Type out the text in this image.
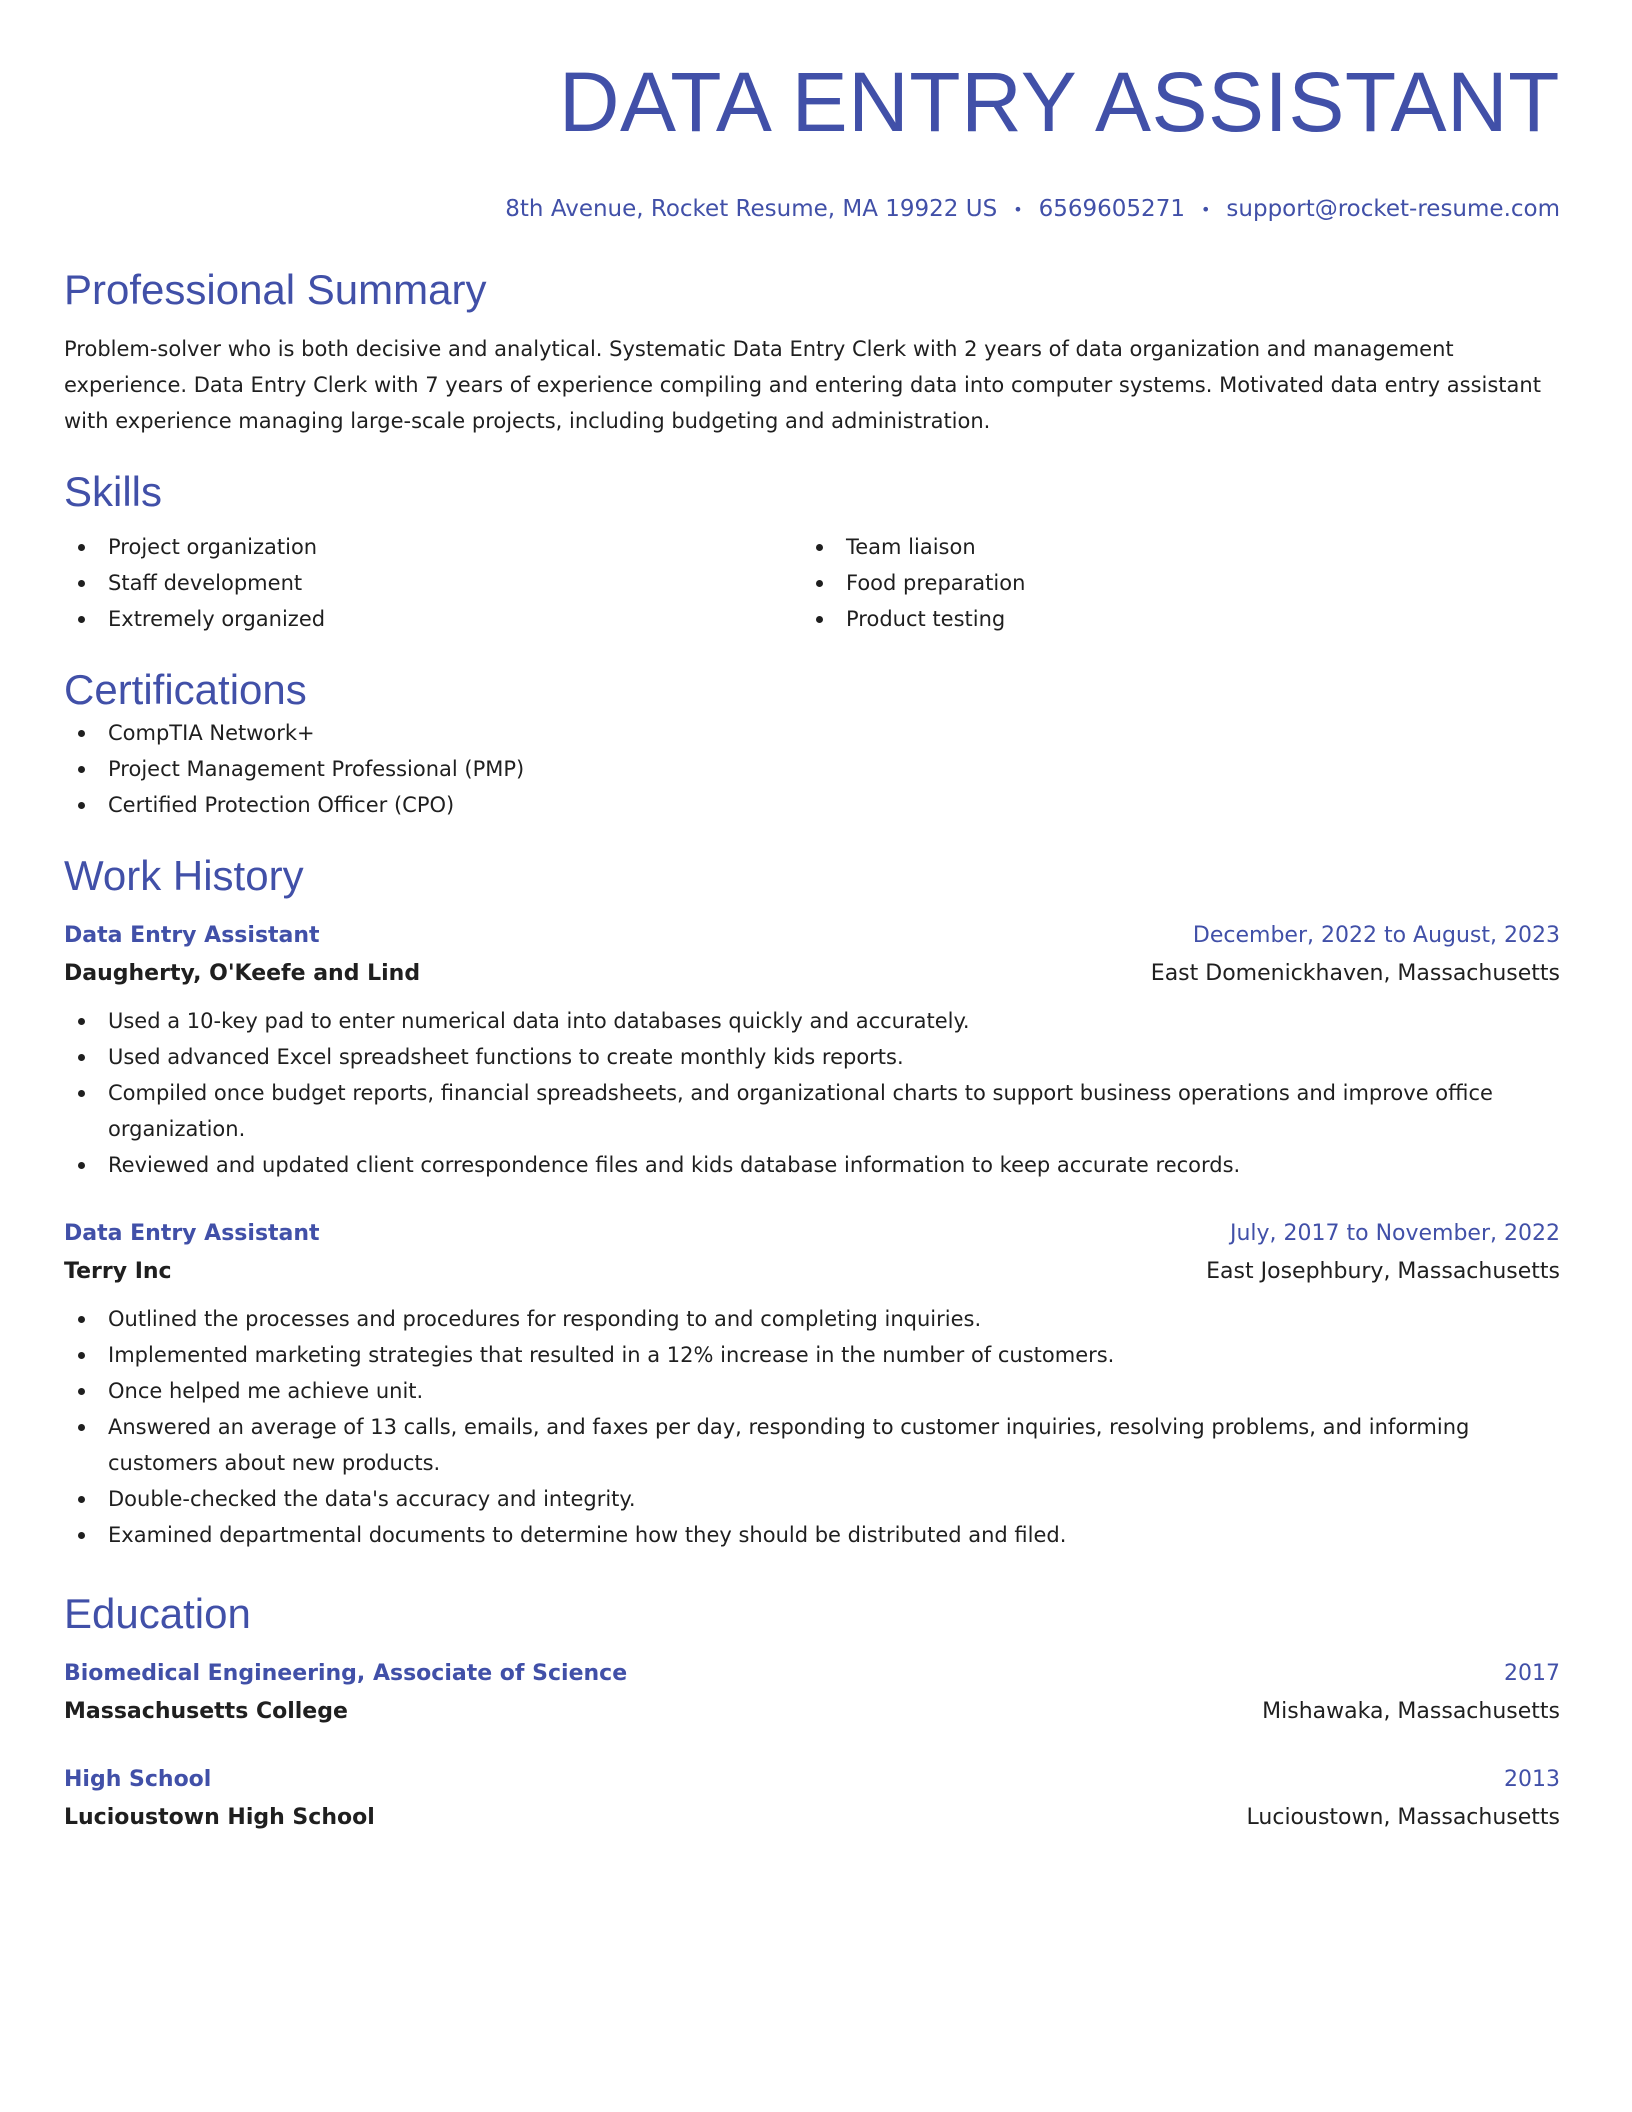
DATA ENTRY ASSISTANT
8th Avenue, Rocket Resume, MA 19922 US • 6569605271 • support@rocket-resume.com
Professional Summary
Problem-solver who is both decisive and analytical. Systematic Data Entry Clerk with 2 years of data organization and management experience. Data Entry Clerk with 7 years of experience compiling and entering data into computer systems. Motivated data entry assistant with experience managing large-scale projects, including budgeting and administration.
Skills
Project organization
Staff development
Extremely organized
Team liaison
Food preparation
Product testing
Certifications
CompTIA Network+
Project Management Professional (PMP)
Certified Protection Officer (CPO)
Work History
Data Entry Assistant	December, 2022 to August, 2023
Daugherty, O'Keefe and Lind	East Domenickhaven, Massachusetts
Used a 10-key pad to enter numerical data into databases quickly and accurately.
Used advanced Excel spreadsheet functions to create monthly kids reports.
Compiled once budget reports, financial spreadsheets, and organizational charts to support business operations and improve office organization.
Reviewed and updated client correspondence files and kids database information to keep accurate records.
Data Entry Assistant	July, 2017 to November, 2022
Terry Inc	East Josephbury, Massachusetts
Outlined the processes and procedures for responding to and completing inquiries.
Implemented marketing strategies that resulted in a 12% increase in the number of customers.
Once helped me achieve unit.
Answered an average of 13 calls, emails, and faxes per day, responding to customer inquiries, resolving problems, and informing customers about new products.
Double-checked the data's accuracy and integrity.
Examined departmental documents to determine how they should be distributed and filed.
Education
Biomedical Engineering, Associate of Science	2017
Massachusetts College	Mishawaka, Massachusetts
High School	2013
Lucioustown High School	Lucioustown, Massachusetts
